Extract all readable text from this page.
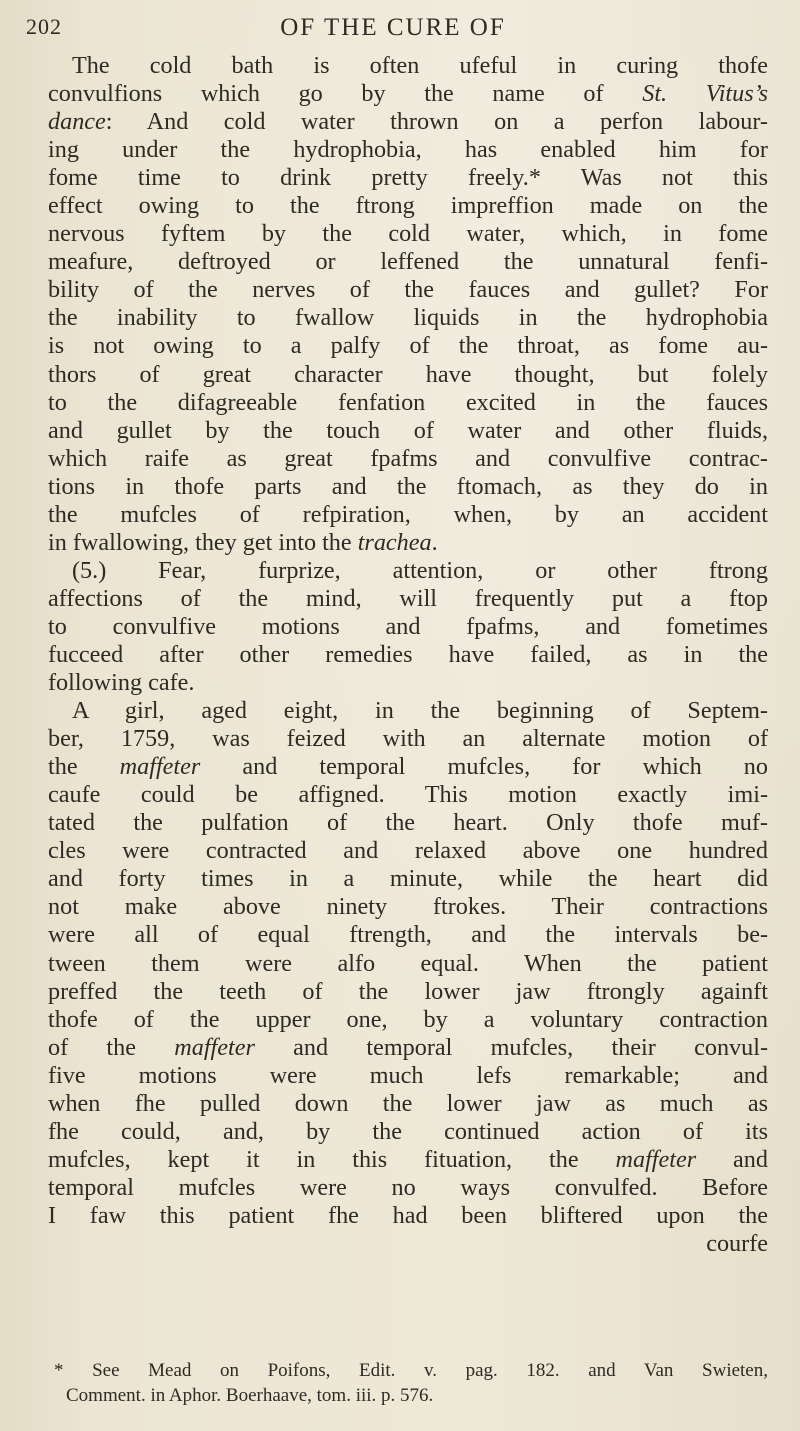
202	OF THE CURE OF
The cold bath is often ufeful in curing thofe
convulfions which go by the name of St. Vitus’s
dance: And cold water thrown on a perfon labour-
ing under the hydrophobia, has enabled him for
fome time to drink pretty freely.* Was not this
effect owing to the ftrong impreffion made on the
nervous fyftem by the cold water, which, in fome
meafure, deftroyed or leffened the unnatural fenfi-
bility of the nerves of the fauces and gullet? For
the inability to fwallow liquids in the hydrophobia
is not owing to a palfy of the throat, as fome au-
thors of great character have thought, but folely
to the difagreeable fenfation excited in the fauces
and gullet by the touch of water and other fluids,
which raife as great fpafms and convulfive contrac-
tions in thofe parts and the ftomach, as they do in
the mufcles of refpiration, when, by an accident
in fwallowing, they get into the trachea.
(5.) Fear, furprize, attention, or other ftrong
affections of the mind, will frequently put a ftop
to convulfive motions and fpafms, and fometimes
fucceed after other remedies have failed, as in the
following cafe.
A girl, aged eight, in the beginning of Septem-
ber, 1759, was feized with an alternate motion of
the maffeter and temporal mufcles, for which no
caufe could be affigned. This motion exactly imi-
tated the pulfation of the heart. Only thofe muf-
cles were contracted and relaxed above one hundred
and forty times in a minute, while the heart did
not make above ninety ftrokes. Their contractions
were all of equal ftrength, and the intervals be-
tween them were alfo equal. When the patient
preffed the teeth of the lower jaw ftrongly againft
thofe of the upper one, by a voluntary contraction
of the maffeter and temporal mufcles, their convul-
five motions were much lefs remarkable; and
when fhe pulled down the lower jaw as much as
fhe could, and, by the continued action of its
mufcles, kept it in this fituation, the maffeter and
temporal mufcles were no ways convulfed. Before
I faw this patient fhe had been bliftered upon the
courfe
* See Mead on Poifons, Edit. v. pag. 182. and Van Swieten,
Comment. in Aphor. Boerhaave, tom. iii. p. 576.
